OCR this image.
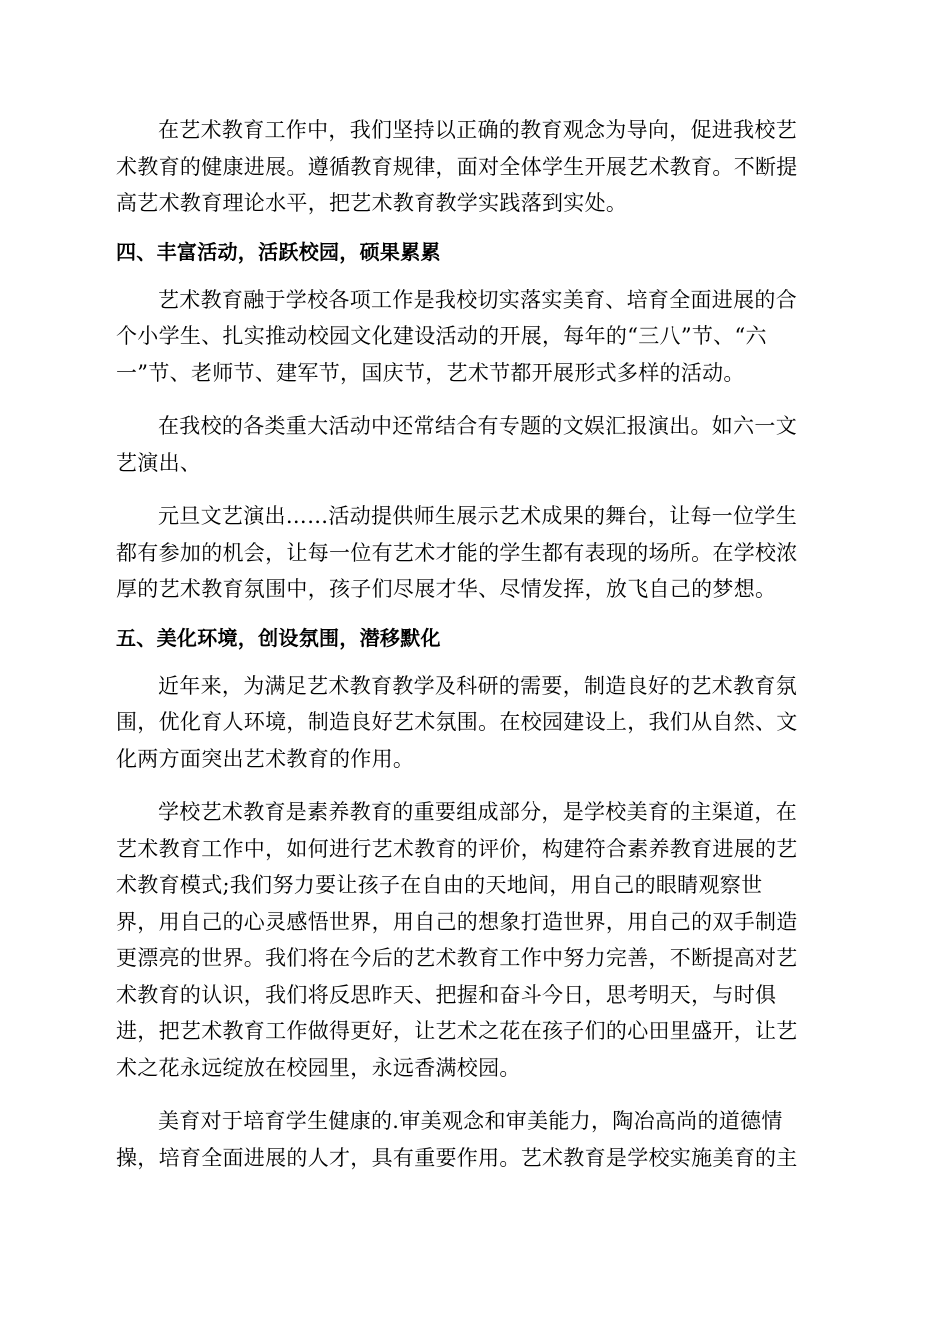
在艺术教育工作中，我们坚持以正确的教育观念为导向，促进我校艺
术教育的健康进展。遵循教育规律，面对全体学生开展艺术教育。不断提
高艺术教育理论水平，把艺术教育教学实践落到实处。

四、丰富活动，活跃校园，硕果累累

艺术教育融于学校各项工作是我校切实落实美育、培育全面进展的合
个小学生、扎实推动校园文化建设活动的开展，每年的“三八”节、“六
一”节、老师节、建军节，国庆节，艺术节都开展形式多样的活动。

在我校的各类重大活动中还常结合有专题的文娱汇报演出。如六一文
艺演出、

元旦文艺演出……活动提供师生展示艺术成果的舞台，让每一位学生
都有参加的机会，让每一位有艺术才能的学生都有表现的场所。在学校浓
厚的艺术教育氛围中，孩子们尽展才华、尽情发挥，放飞自己的梦想。

五、美化环境，创设氛围，潜移默化

近年来，为满足艺术教育教学及科研的需要，制造良好的艺术教育氛
围，优化育人环境，制造良好艺术氛围。在校园建设上，我们从自然、文
化两方面突出艺术教育的作用。

学校艺术教育是素养教育的重要组成部分，是学校美育的主渠道，在
艺术教育工作中，如何进行艺术教育的评价，构建符合素养教育进展的艺
术教育模式;我们努力要让孩子在自由的天地间，用自己的眼睛观察世
界，用自己的心灵感悟世界，用自己的想象打造世界，用自己的双手制造
更漂亮的世界。我们将在今后的艺术教育工作中努力完善，不断提高对艺
术教育的认识，我们将反思昨天、把握和奋斗今日，思考明天，与时俱
进，把艺术教育工作做得更好，让艺术之花在孩子们的心田里盛开，让艺
术之花永远绽放在校园里，永远香满校园。

美育对于培育学生健康的.审美观念和审美能力，陶冶高尚的道德情
操，培育全面进展的人才，具有重要作用。艺术教育是学校实施美育的主
